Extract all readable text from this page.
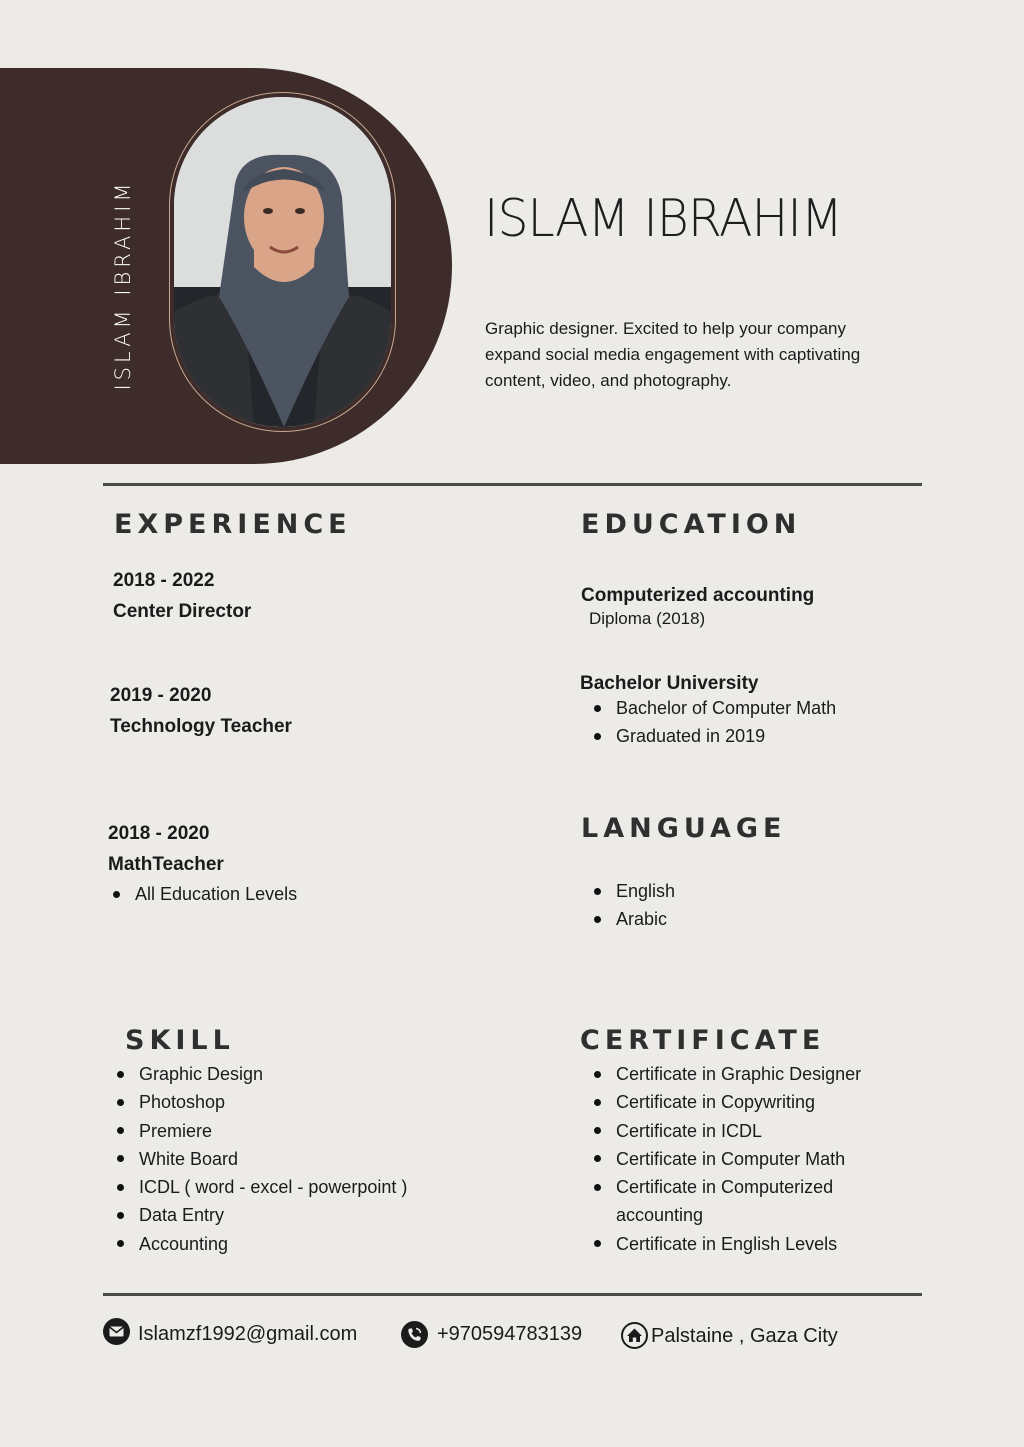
ISLAM IBRAHIM	ISLAM IBRAHIM
Graphic designer. Excited to help your company expand social media engagement with captivating content, video, and photography.
EXPERIENCE
2018 - 2022
Center Director
2019 - 2020
Technology Teacher
2018 - 2020
MathTeacher
All Education Levels
EDUCATION
Computerized accounting
Diploma (2018)
Bachelor University
Bachelor of Computer Math
Graduated in 2019
LANGUAGE
English
Arabic
SKILL
Graphic Design
Photoshop
Premiere
White Board
ICDL ( word - excel - powerpoint )
Data Entry
Accounting
CERTIFICATE
Certificate in Graphic Designer
Certificate in Copywriting
Certificate in ICDL
Certificate in Computer Math
Certificate in Computerized accounting
Certificate in English Levels
Islamzf1992@gmail.com	+970594783139	Palstaine , Gaza City
